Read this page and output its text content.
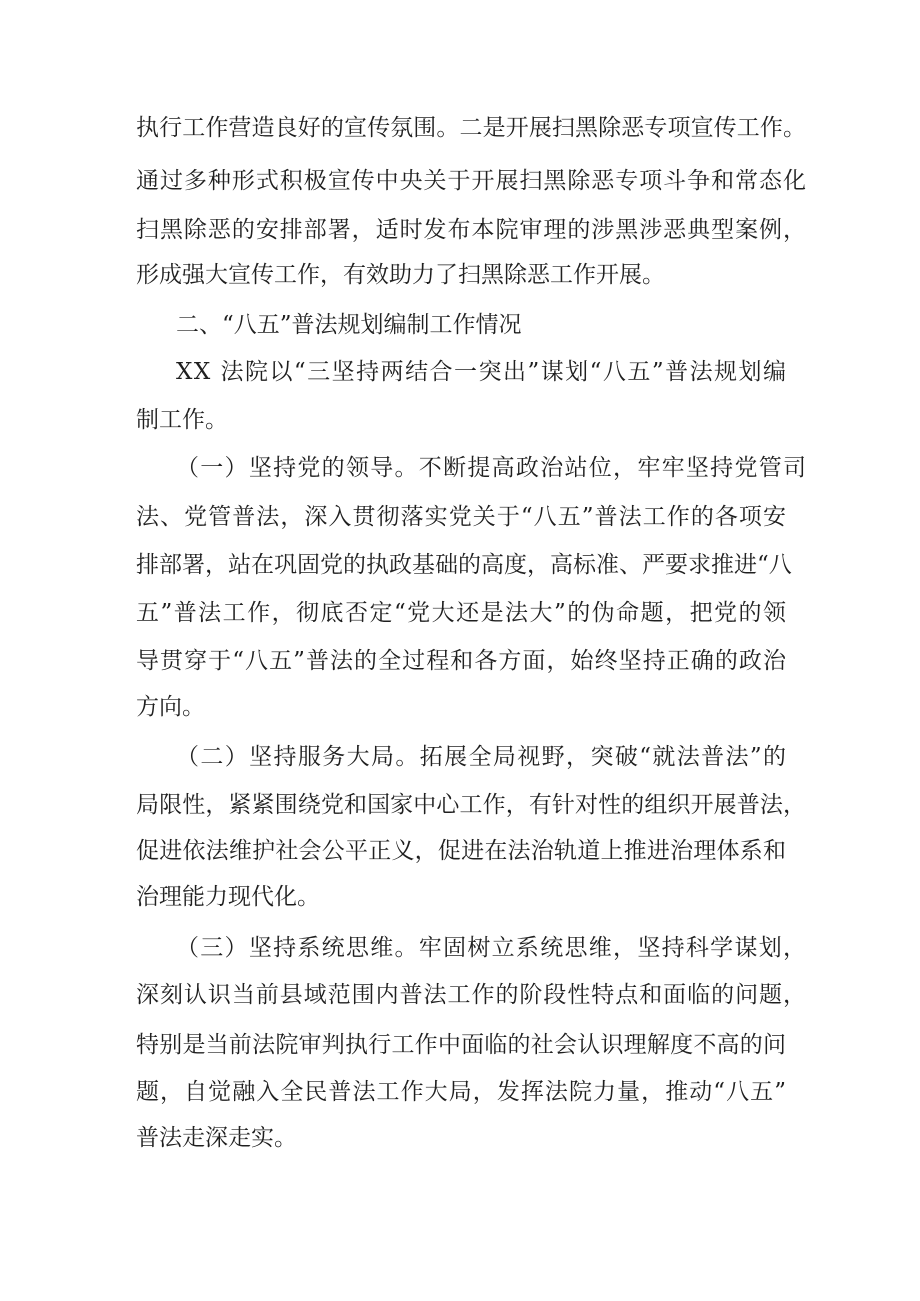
执行工作营造良好的宣传氛围。二是开展扫黑除恶专项宣传工作。

通过多种形式积极宣传中央关于开展扫黑除恶专项斗争和常态化

扫黑除恶的安排部署，适时发布本院审理的涉黑涉恶典型案例，

形成强大宣传工作，有效助力了扫黑除恶工作开展。

二、“八五”普法规划编制工作情况

XX 法院以“三坚持两结合一突出”谋划“八五”普法规划编

制工作。

（一）坚持党的领导。不断提高政治站位，牢牢坚持党管司

法、党管普法，深入贯彻落实党关于“八五”普法工作的各项安

排部署，站在巩固党的执政基础的高度，高标准、严要求推进“八

五”普法工作，彻底否定“党大还是法大”的伪命题，把党的领

导贯穿于“八五”普法的全过程和各方面，始终坚持正确的政治

方向。

（二）坚持服务大局。拓展全局视野，突破“就法普法”的

局限性，紧紧围绕党和国家中心工作，有针对性的组织开展普法，

促进依法维护社会公平正义，促进在法治轨道上推进治理体系和

治理能力现代化。

（三）坚持系统思维。牢固树立系统思维，坚持科学谋划，

深刻认识当前县域范围内普法工作的阶段性特点和面临的问题，

特别是当前法院审判执行工作中面临的社会认识理解度不高的问

题，自觉融入全民普法工作大局，发挥法院力量，推动“八五”

普法走深走实。
